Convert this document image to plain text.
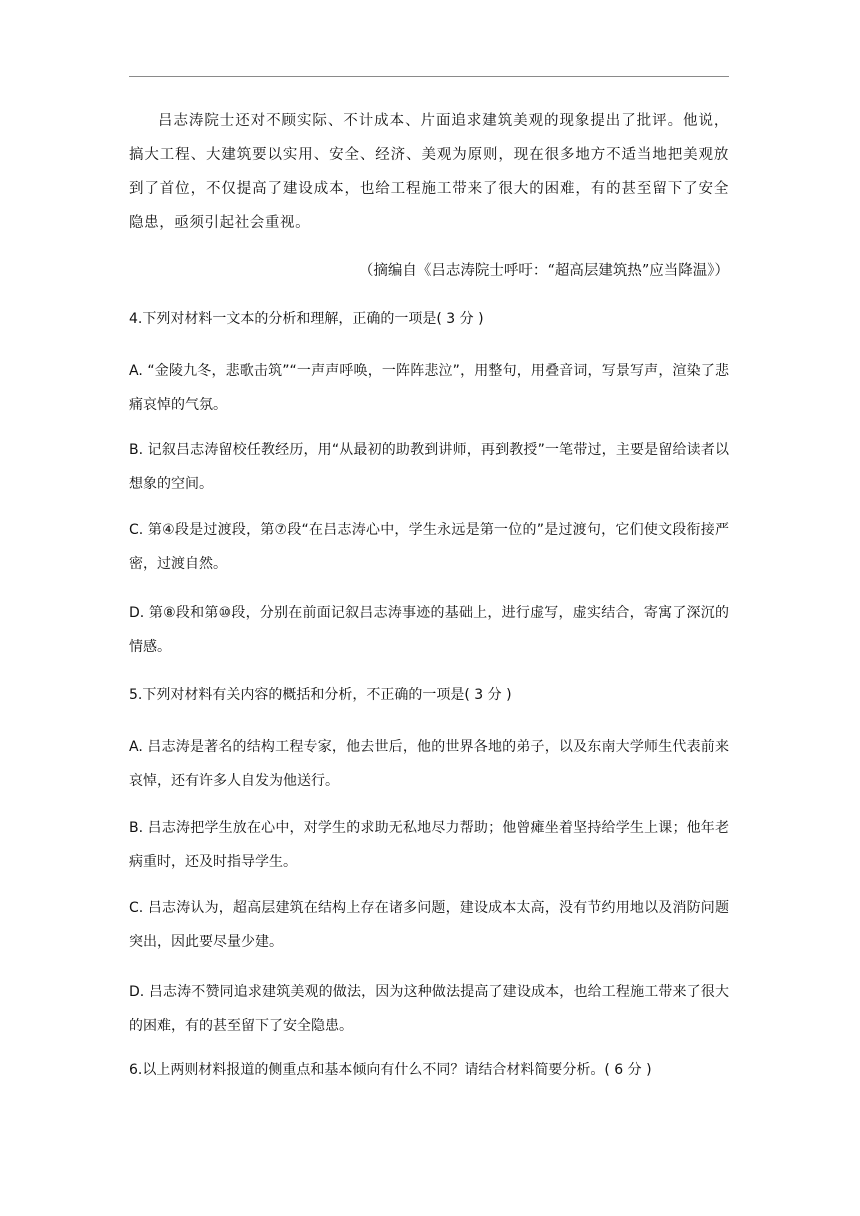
吕志涛院士还对不顾实际、不计成本、片面追求建筑美观的现象提出了批评。他说，搞大工程、大建筑要以实用、安全、经济、美观为原则，现在很多地方不适当地把美观放到了首位，不仅提高了建设成本，也给工程施工带来了很大的困难，有的甚至留下了安全隐患，亟须引起社会重视。

（摘编自《吕志涛院士呼吁：“超高层建筑热”应当降温》）

4.下列对材料一文本的分析和理解，正确的一项是( 3 分 )

A. “金陵九冬，悲歌击筑”“一声声呼唤，一阵阵悲泣”，用整句，用叠音词，写景写声，渲染了悲痛哀悼的气氛。

B. 记叙吕志涛留校任教经历，用“从最初的助教到讲师，再到教授”一笔带过，主要是留给读者以想象的空间。

C. 第④段是过渡段，第⑦段“在吕志涛心中，学生永远是第一位的”是过渡句，它们使文段衔接严密，过渡自然。

D. 第⑧段和第⑩段，分别在前面记叙吕志涛事迹的基础上，进行虚写，虚实结合，寄寓了深沉的情感。

5.下列对材料有关内容的概括和分析，不正确的一项是( 3 分 )

A. 吕志涛是著名的结构工程专家，他去世后，他的世界各地的弟子，以及东南大学师生代表前来哀悼，还有许多人自发为他送行。

B. 吕志涛把学生放在心中，对学生的求助无私地尽力帮助；他曾瘫坐着坚持给学生上课；他年老病重时，还及时指导学生。

C. 吕志涛认为，超高层建筑在结构上存在诸多问题，建设成本太高，没有节约用地以及消防问题突出，因此要尽量少建。

D. 吕志涛不赞同追求建筑美观的做法，因为这种做法提高了建设成本，也给工程施工带来了很大的困难，有的甚至留下了安全隐患。

6.以上两则材料报道的侧重点和基本倾向有什么不同？请结合材料简要分析。( 6 分 )
